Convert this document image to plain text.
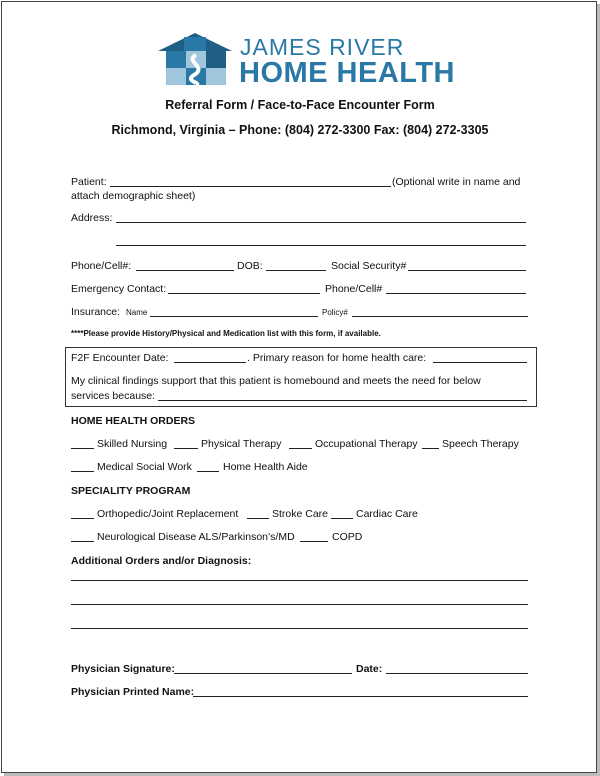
JAMES RIVER
HOME HEALTH
Referral Form / Face-to-Face Encounter Form
Richmond, Virginia – Phone: (804) 272-3300 Fax: (804) 272-3305
Patient:	(Optional write in name and
attach demographic sheet)
Address:
Phone/Cell#:	DOB:	Social Security#
Emergency Contact:	Phone/Cell#
Insurance: Name	Policy#
****Please provide History/Physical and Medication list with this form, if available.
F2F Encounter Date:	. Primary reason for home health care:
My clinical findings support that this patient is homebound and meets the need for below
services because:
HOME HEALTH ORDERS
Skilled Nursing	Physical Therapy	Occupational Therapy Speech Therapy
Medical Social Work	Home Health Aide
SPECIALITY PROGRAM
Orthopedic/Joint Replacement	Stroke Care	Cardiac Care
Neurological Disease ALS/Parkinson’s/MD	COPD
Additional Orders and/or Diagnosis:
Physician Signature:	Date:
Physician Printed Name:
